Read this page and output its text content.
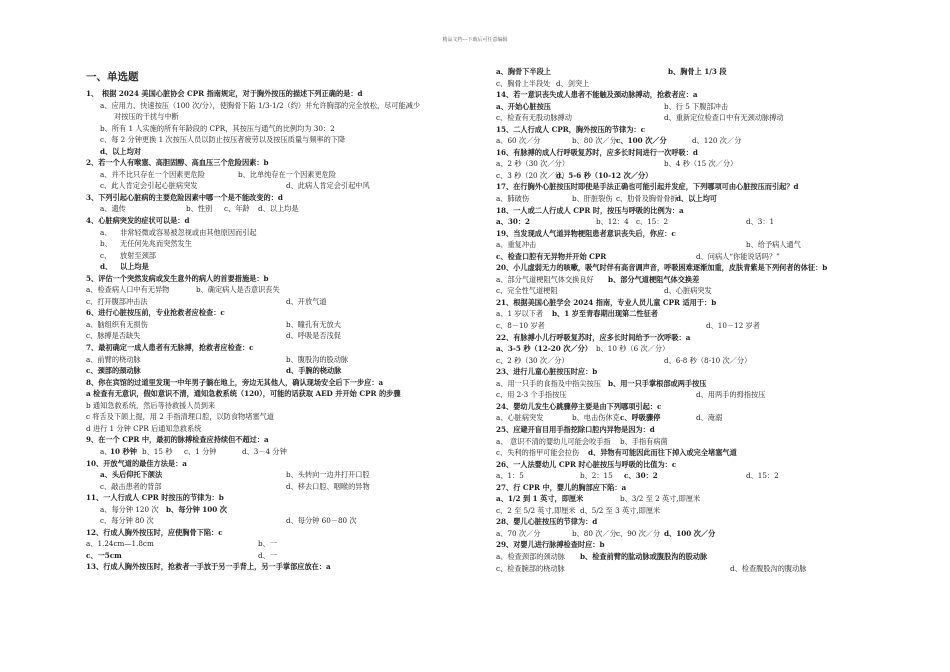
精品文档---下载后可任意编辑
一、单选题
1、 根据 2024 美国心脏协会 CPR 指南规定，对于胸外按压的描述下列正确的是：d
a、应用力、快速按压（100 次/分），使胸骨下陷 1/3-1/2（约）并允许胸部的完全放松，尽可能减少
对按压的干扰与中断
b、所有 1 人实施的所有年龄段的 CPR，其按压与通气的比例均为 30：2
c、每 2 分钟更换 1 次按压人员以防止按压者疲劳以及按压质量与频率的下降
d、以上均对
2、若一个人有喉塞、高胆固醇、高血压三个危险因素：b
a、并不比只存在一个因素更危险	b、比单纯存在一个因素更危险
c、此人肯定会引起心脏病突发	d、此病人肯定会引起中风
3、下列引起心脏病的主要危险因素中哪一个是不能改变的：d
a、遗传	b、性别 c、年龄 d、以上均是
4、心脏病突发的症状可以是：d
a、 非常轻微或容易被忽视或由其他原因而引起
b、 无任何先兆而突然发生
c、 放射至颈部
d、 以上均是
5、评估一个突然发病或发生意外的病人的首要措施是：b
a、检查病人口中有无异物	b、确定病人是否意识丧失
c、打开腹部冲击法	d、开放气道
6、进行心脏按压前，专业抢救者应检查：c
a、脑组织有无损伤	b、瞳孔有无放大
c、脉搏是否缺失	d、呼吸是否浅促
7、最初确定一成人患者有无脉搏，抢救者应检查：c
a、前臂的桡动脉	b、腹股沟的股动脉
c、颈部的颈动脉	d、手腕的桡动脉
8、你在宾馆的过道里发现一中年男子躺在地上，旁边无其他人，确认现场安全后下一步应：a
a 检查有无意识，假如意识不清，通知急救系统（120），可能的话获取 AED 并开始 CPR 的步骤
b 通知急救系统，然后等待救援人员到来
c 将舌及下颌上提，用 2 手指清理口腔，以防食物堵塞气道
d 进行 1 分钟 CPR 后通知急救系统
9、在一个 CPR 中，最初的脉搏检查应持续但不超过：a
a、
10 秒钟 b、15 秒 c、1 分钟	d、3－4 分钟
10、开放气道的最佳方法是：a
a、头后仰托下颌法	b、头转向一边并打开口腔
c、敲击患者的背部	d、移去口腔、咽喉的异物
11、一人行成人 CPR 时按压的节律为：b
a、每分钟 120 次 b、每分钟 100 次
c、每分钟 80 次	d、每分钟 60－80 次
12、行成人胸外按压时，应使胸骨下陷：c
a、1.24cm—1.8cm	b、一
c、一5cm	d、一
13、行成人胸外按压时，抢救者一手放于另一手背上，另一手掌部应放在：a
a、胸骨下半段上	b、胸骨上 1/3 段
c、胸骨上半段处 d、剑突上
14、若一意识丧失成人患者不能触及颈动脉搏动，抢救者应：a
a、开始心脏按压	b、行 5 下腹部冲击
c、检查有无股动脉搏动	d、重新定位检查口中有无颈动脉搏动
15、二人行成人 CPR，胸外按压的节律为：c
a、60 次／分	b、80 次／分 c、100 次／分	d、120 次／分
16、有脉搏的成人行呼吸复苏时，应多长时间进行一次呼吸：d
a、2 秒（30 次／分）	b、4 秒（15 次／分）
c、3 秒（20 次／分）
d、5-6 秒（10-12 次／分）
17、在行胸外心脏按压时即使是手法正确也可能引起并发症，下列哪项可由心脏按压而引起？d
a、肺破伤	b、肝脏裂伤 c、肋骨及胸骨骨折
d、以上均可
18、一人或二人行成人 CPR 时，按压与呼吸的比例为：a
a、30：2	b、12：4 c、15：2	d、3：1
19、当发现成人气道异物梗阻患者意识丧失后，你应：c
a、重复冲击	b、给予病人通气
c、检查口腔有无异物并开始 CPR	d、问病人“你能说话吗？”
20、小儿虚弱无力的咳嗽，吸气时伴有高音调声音，呼吸困难逐渐加重，皮肤青紫是下列何者的体征：b
a、部分气道梗阻气体交换良好 b、部分气道梗阻气体交换差
c、完全性气道梗阻	d、心脏病突发
21、根据美国心脏学会 2024 指南，专业人员儿童 CPR 适用于：b
a、1 岁以下者 b、1 岁至青春期出现第二性征者
c、8－10 岁者	d、10－12 岁者
22、有脉搏小儿行呼吸复苏时，应多长时间给予一次呼吸：a
a、3-5 秒（12-20 次／分） b、10 秒（6 次／分）
c、2 秒（30 次／分）	d、6-8 秒（8-10 次／分）
23、进行儿童心脏按压时应：b
a、用一只手的食指及中指尖按压 b、用一只手掌根部或两手按压
c、用 2-3 个手指按压	d、用两手的拇指按压
24、婴幼儿发生心跳骤停主要是由下列哪项引起：c
a、心脏病突发	b、电击伤休克 c、呼吸骤停	d、淹溺
25、应避开盲目用手指挖除口腔内异物是因为：d
a、 意识不清的婴幼儿可能会咬手指 b、手指有病菌
c、失利的指甲可能会拉伤 d、异物有可能因此而往下掉入或完全堵塞气道
26、一人法婴幼儿 CPR 时心脏按压与呼吸的比值为：c
a、1：5	b、2：15 c、30：2	d、15：2
27、行 CPR 中，婴儿的胸部应下陷：a
a、1/2 到 1 英寸，即厘米	b、3/2 至 2 英寸,即厘米
c、2 至 5/2 英寸,即厘米 d、5/2 至 3 英寸,即厘米
28、婴儿心脏按压的节律为：d
a、70 次／分	b、80 次／分 c、90 次／分 d、100 次／分
29、对婴儿进行脉搏检查时应：b
a、检查颈部的颈动脉 b、检查前臂的肱动脉或腹股沟的股动脉
c、检查腕部的桡动脉	d、检查腹股沟的腹动脉
